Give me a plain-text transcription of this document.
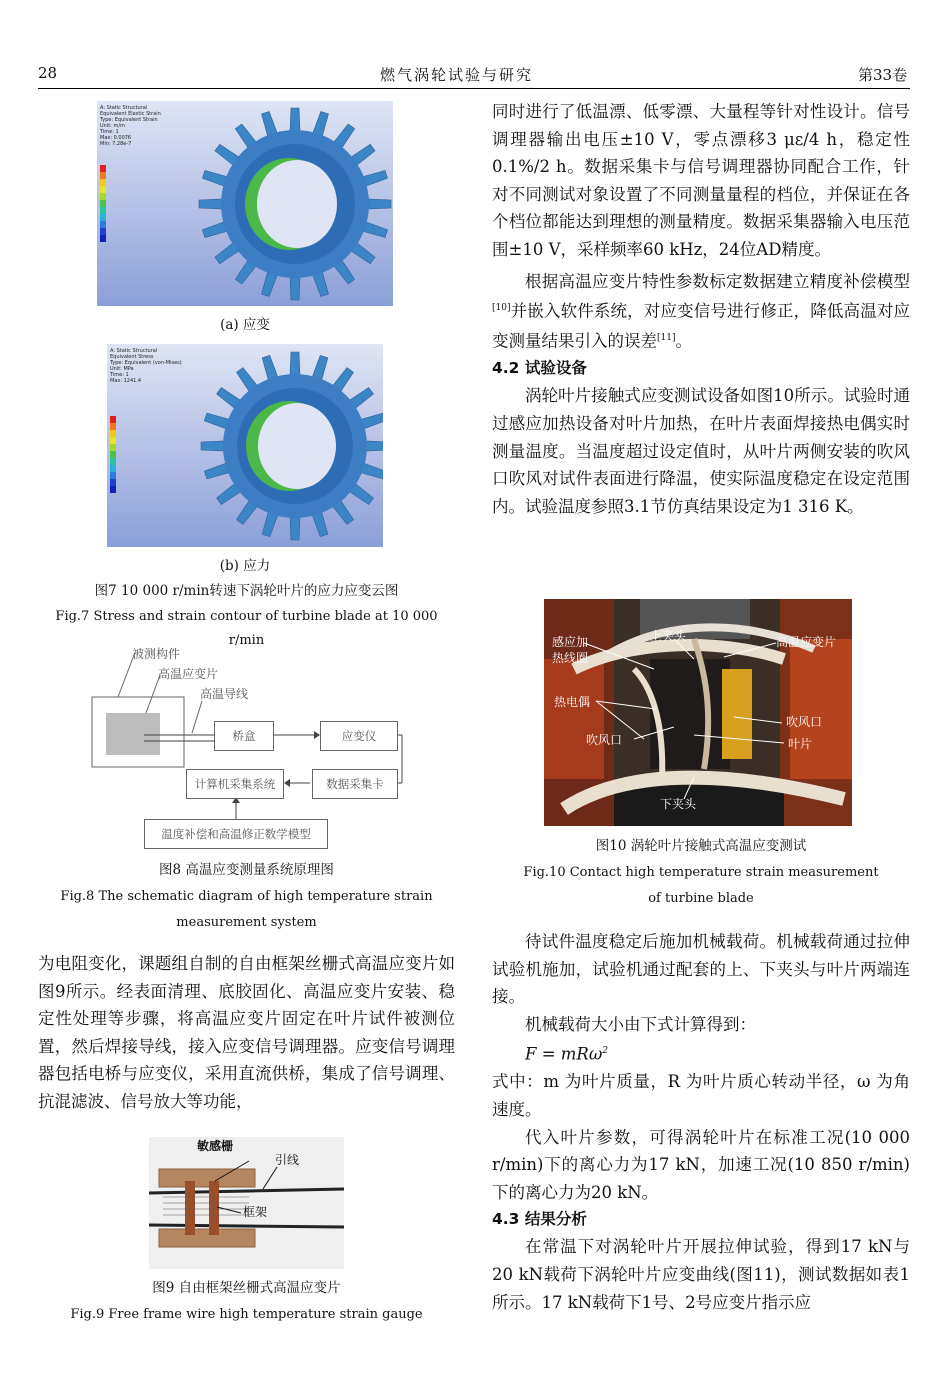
28	燃气涡轮试验与研究	第33卷
A: Static Structural
Equivalent Elastic Strain
Type: Equivalent Strain
Unit: m/m
Time: 1
Max: 0.0076
Min: 7.28e-7
(a) 应变
A: Static Structural
Equivalent Stress
Type: Equivalent (von-Mises)
Unit: MPa
Time: 1
Max: 1241.4
(b) 应力
图7 10 000 r/min转速下涡轮叶片的应力应变云图
Fig.7 Stress and strain contour of turbine blade at 10 000 r/min
被测构件
高温应变片
高温导线
桥盒	应变仪
数据采集卡
计算机采集系统
温度补偿和高温修正数学模型
图8 高温应变测量系统原理图
Fig.8 The schematic diagram of high temperature strain
measurement system

为电阻变化，课题组自制的自由框架丝栅式高温应变片如图9所示。经表面清理、底胶固化、高温应变片安装、稳定性处理等步骤，将高温应变片固定在叶片试件被测位置，然后焊接导线，接入应变信号调理器。应变信号调理器包括电桥与应变仪，采用直流供桥，集成了信号调理、抗混滤波、信号放大等功能，

敏感栅
引线
框架
图9 自由框架丝栅式高温应变片
Fig.9 Free frame wire high temperature strain gauge

同时进行了低温漂、低零漂、大量程等针对性设计。信号调理器输出电压±10 V，零点漂移3 με/4 h，稳定性0.1%/2 h。数据采集卡与信号调理器协同配合工作，针对不同测试对象设置了不同测量量程的档位，并保证在各个档位都能达到理想的测量精度。数据采集器输入电压范围±10 V，采样频率60 kHz，24位AD精度。

根据高温应变片特性参数标定数据建立精度补偿模型[10]并嵌入软件系统，对应变信号进行修正，降低高温对应变测量结果引入的误差[11]。

4.2 试验设备

涡轮叶片接触式应变测试设备如图10所示。试验时通过感应加热设备对叶片加热，在叶片表面焊接热电偶实时测量温度。当温度超过设定值时，从叶片两侧安装的吹风口吹风对试件表面进行降温，使实际温度稳定在设定范围内。试验温度参照3.1节仿真结果设定为1 316 K。

感应加
热线圈
上夹头	高温应变片
热电偶
吹风口
叶片
吹风口
下夹头
图10 涡轮叶片接触式高温应变测试
Fig.10 Contact high temperature strain measurement
of turbine blade

待试件温度稳定后施加机械载荷。机械载荷通过拉伸试验机施加，试验机通过配套的上、下夹头与叶片两端连接。

机械载荷大小由下式计算得到：

F = mRω$^2$

式中：m 为叶片质量，R 为叶片质心转动半径，ω 为角速度。

代入叶片参数，可得涡轮叶片在标准工况(10 000 r/min)下的离心力为17 kN，加速工况(10 850 r/min)下的离心力为20 kN。

4.3 结果分析

在常温下对涡轮叶片开展拉伸试验，得到17 kN与20 kN载荷下涡轮叶片应变曲线(图11)，测试数据如表1所示。17 kN载荷下1号、2号应变片指示应
